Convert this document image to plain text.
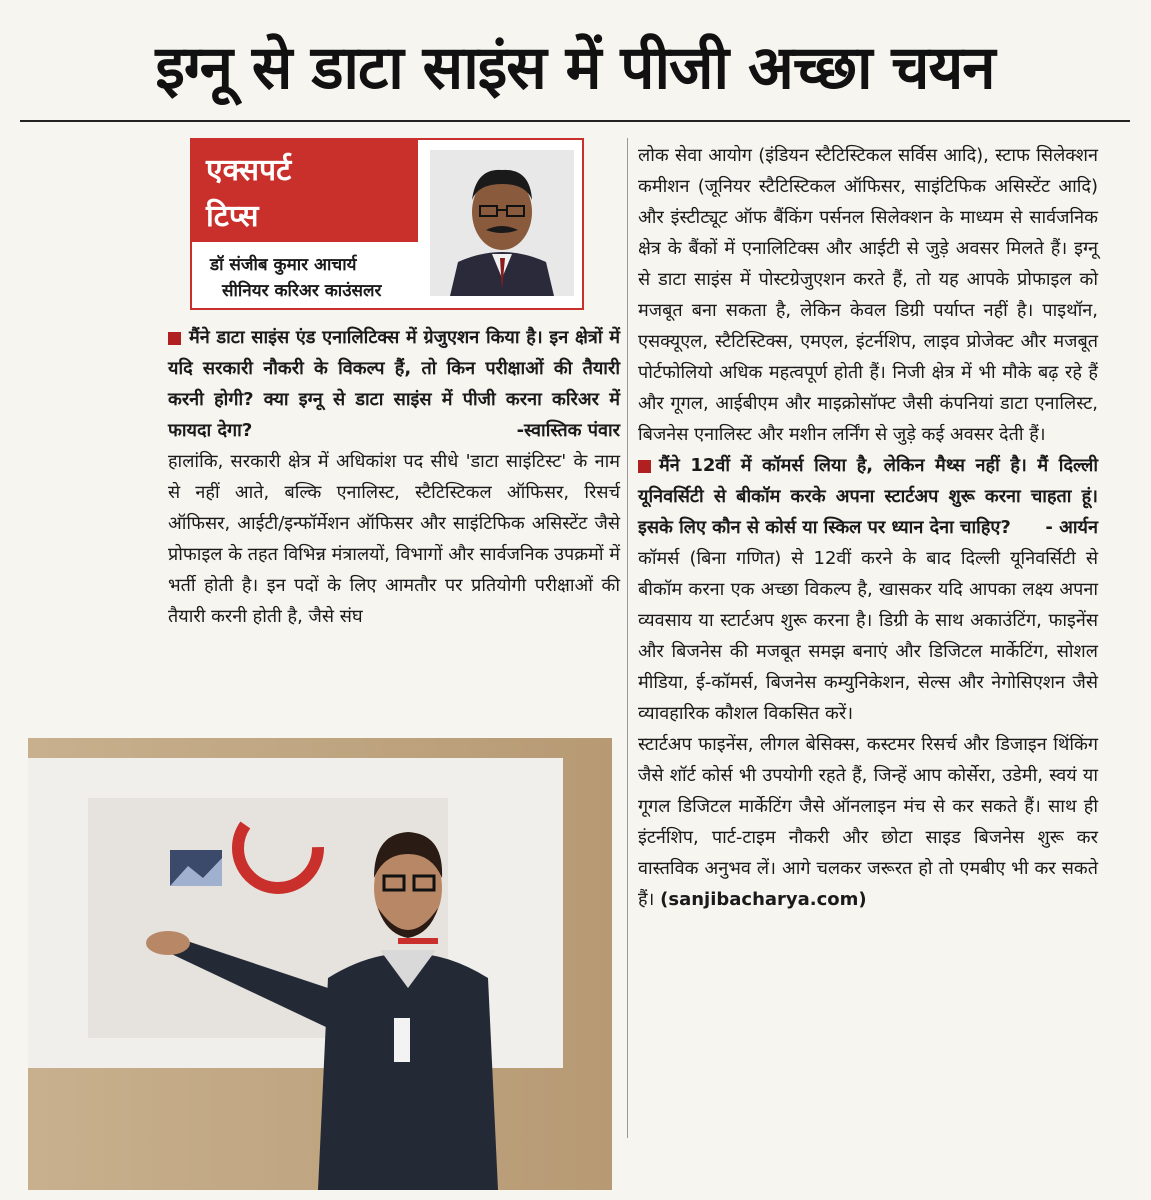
इग्नू से डाटा साइंस में पीजी अच्छा चयन
एक्सपर्ट
टिप्स
डॉ संजीब कुमार आचार्य
सीनियर करिअर काउंसलर

मैंने डाटा साइंस एंड एनालिटिक्स में ग्रेजुएशन किया है। इन क्षेत्रों में यदि सरकारी नौकरी के विकल्प हैं, तो किन परीक्षाओं की तैयारी करनी होगी? क्या इग्नू से डाटा साइंस में पीजी करना करिअर में फायदा देगा?	-स्वास्तिक पंवार

हालांकि, सरकारी क्षेत्र में अधिकांश पद सीधे 'डाटा साइंटिस्ट' के नाम से नहीं आते, बल्कि एनालिस्ट, स्टैटिस्टिकल ऑफिसर, रिसर्च ऑफिसर, आईटी/इन्फॉर्मेशन ऑफिसर और साइंटिफिक असिस्टेंट जैसे प्रोफाइल के तहत विभिन्न मंत्रालयों, विभागों और सार्वजनिक उपक्रमों में भर्ती होती है। इन पदों के लिए आमतौर पर प्रतियोगी परीक्षाओं की तैयारी करनी होती है, जैसे संघ

लोक सेवा आयोग (इंडियन स्टैटिस्टिकल सर्विस आदि), स्टाफ सिलेक्शन कमीशन (जूनियर स्टैटिस्टिकल ऑफिसर, साइंटिफिक असिस्टेंट आदि) और इंस्टीट्यूट ऑफ बैंकिंग पर्सनल सिलेक्शन के माध्यम से सार्वजनिक क्षेत्र के बैंकों में एनालिटिक्स और आईटी से जुड़े अवसर मिलते हैं। इग्नू से डाटा साइंस में पोस्टग्रेजुएशन करते हैं, तो यह आपके प्रोफाइल को मजबूत बना सकता है, लेकिन केवल डिग्री पर्याप्त नहीं है। पाइथॉन, एसक्यूएल, स्टैटिस्टिक्स, एमएल, इंटर्नशिप, लाइव प्रोजेक्ट और मजबूत पोर्टफोलियो अधिक महत्वपूर्ण होती हैं। निजी क्षेत्र में भी मौके बढ़ रहे हैं और गूगल, आईबीएम और माइक्रोसॉफ्ट जैसी कंपनियां डाटा एनालिस्ट, बिजनेस एनालिस्ट और मशीन लर्निंग से जुड़े कई अवसर देती हैं।

मैंने 12वीं में कॉमर्स लिया है, लेकिन मैथ्स नहीं है। मैं दिल्ली यूनिवर्सिटी से बीकॉम करके अपना स्टार्टअप शुरू करना चाहता हूं। इसके लिए कौन से कोर्स या स्किल पर ध्यान देना चाहिए? - आर्यन

कॉमर्स (बिना गणित) से 12वीं करने के बाद दिल्ली यूनिवर्सिटी से बीकॉम करना एक अच्छा विकल्प है, खासकर यदि आपका लक्ष्य अपना व्यवसाय या स्टार्टअप शुरू करना है। डिग्री के साथ अकाउंटिंग, फाइनेंस और बिजनेस की मजबूत समझ बनाएं और डिजिटल मार्केटिंग, सोशल मीडिया, ई-कॉमर्स, बिजनेस कम्युनिकेशन, सेल्स और नेगोसिएशन जैसे व्यावहारिक कौशल विकसित करें।

स्टार्टअप फाइनेंस, लीगल बेसिक्स, कस्टमर रिसर्च और डिजाइन थिंकिंग जैसे शॉर्ट कोर्स भी उपयोगी रहते हैं, जिन्हें आप कोर्सेरा, उडेमी, स्वयं या गूगल डिजिटल मार्केटिंग जैसे ऑनलाइन मंच से कर सकते हैं। साथ ही इंटर्नशिप, पार्ट-टाइम नौकरी और छोटा साइड बिजनेस शुरू कर वास्तविक अनुभव लें। आगे चलकर जरूरत हो तो एमबीए भी कर सकते हैं। (sanjibacharya.com)
